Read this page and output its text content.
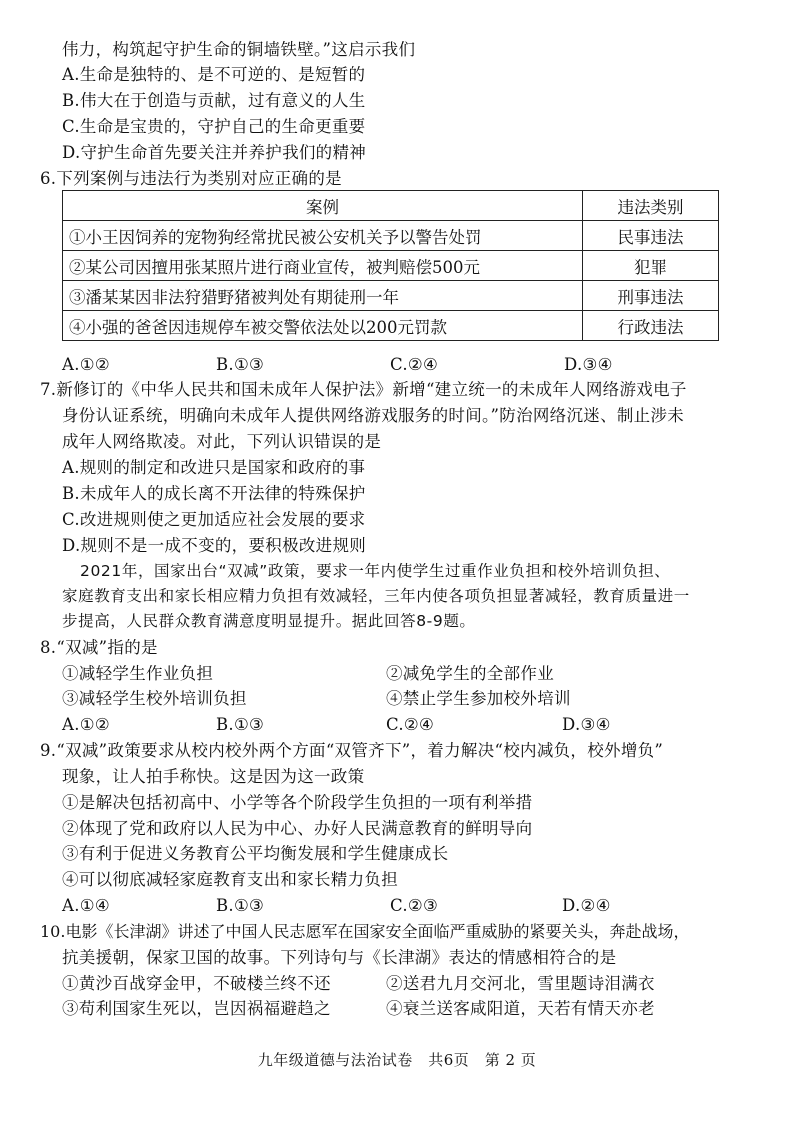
伟力，构筑起守护生命的铜墙铁壁。”这启示我们
A.生命是独特的、是不可逆的、是短暂的
B.伟大在于创造与贡献，过有意义的人生
C.生命是宝贵的，守护自己的生命更重要
D.守护生命首先要关注并养护我们的精神
6.下列案例与违法行为类别对应正确的是
案例	违法类别
①小王因饲养的宠物狗经常扰民被公安机关予以警告处罚	民事违法
②某公司因擅用张某照片进行商业宣传，被判赔偿500元	犯罪
③潘某某因非法狩猎野猪被判处有期徒刑一年	刑事违法
④小强的爸爸因违规停车被交警依法处以200元罚款	行政违法
A.①②	B.①③	C.②④	D.③④
7.新修订的《中华人民共和国未成年人保护法》新增“建立统一的未成年人网络游戏电子
身份认证系统，明确向未成年人提供网络游戏服务的时间。”防治网络沉迷、制止涉未
成年人网络欺凌。对此，下列认识错误的是
A.规则的制定和改进只是国家和政府的事
B.未成年人的成长离不开法律的特殊保护
C.改进规则使之更加适应社会发展的要求
D.规则不是一成不变的，要积极改进规则
2021年，国家出台“双减”政策，要求一年内使学生过重作业负担和校外培训负担、
家庭教育支出和家长相应精力负担有效减轻，三年内使各项负担显著减轻，教育质量进一
步提高，人民群众教育满意度明显提升。据此回答8-9题。
8.“双减”指的是
①减轻学生作业负担	②减免学生的全部作业
③减轻学生校外培训负担	④禁止学生参加校外培训
A.①②	B.①③	C.②④	D.③④
9.“双减”政策要求从校内校外两个方面“双管齐下”，着力解决“校内减负，校外增负”
现象，让人拍手称快。这是因为这一政策
①是解决包括初高中、小学等各个阶段学生负担的一项有利举措
②体现了党和政府以人民为中心、办好人民满意教育的鲜明导向
③有利于促进义务教育公平均衡发展和学生健康成长
④可以彻底减轻家庭教育支出和家长精力负担
A.①④	B.①③	C.②③	D.②④
10.电影《长津湖》讲述了中国人民志愿军在国家安全面临严重威胁的紧要关头，奔赴战场，
抗美援朝，保家卫国的故事。下列诗句与《长津湖》表达的情感相符合的是
①黄沙百战穿金甲，不破楼兰终不还	②送君九月交河北，雪里题诗泪满衣
③苟利国家生死以，岂因祸福避趋之	④衰兰送客咸阳道，天若有情天亦老
九年级道德与法治试卷　共6页　第 2 页
